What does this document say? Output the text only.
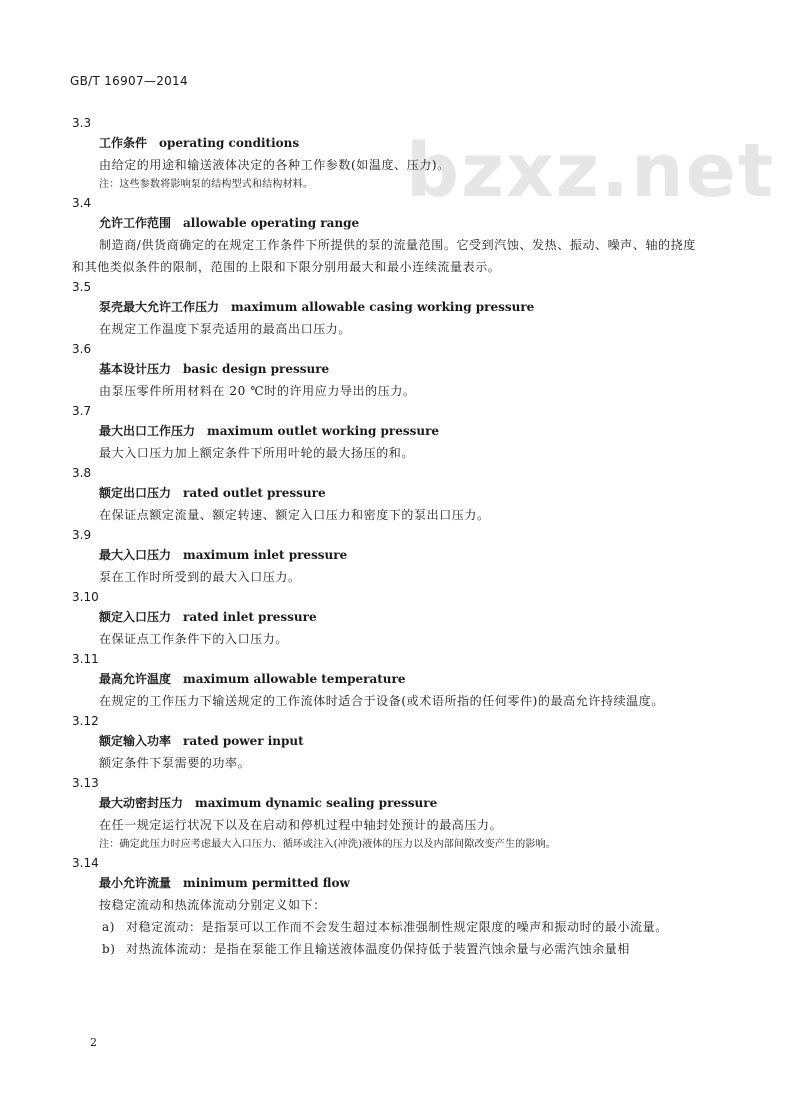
GB/T 16907—2014
bzxz.net
3.3
工作条件 operating conditions
由给定的用途和输送液体决定的各种工作参数(如温度、压力)。
注：这些参数将影响泵的结构型式和结构材料。
3.4
允许工作范围 allowable operating range
制造商/供货商确定的在规定工作条件下所提供的泵的流量范围。它受到汽蚀、发热、振动、噪声、轴的挠度和其他类似条件的限制，范围的上限和下限分别用最大和最小连续流量表示。
3.5
泵壳最大允许工作压力 maximum allowable casing working pressure
在规定工作温度下泵壳适用的最高出口压力。
3.6
基本设计压力 basic design pressure
由泵压零件所用材料在 20 ℃时的许用应力导出的压力。
3.7
最大出口工作压力 maximum outlet working pressure
最大入口压力加上额定条件下所用叶轮的最大扬压的和。
3.8
额定出口压力 rated outlet pressure
在保证点额定流量、额定转速、额定入口压力和密度下的泵出口压力。
3.9
最大入口压力 maximum inlet pressure
泵在工作时所受到的最大入口压力。
3.10
额定入口压力 rated inlet pressure
在保证点工作条件下的入口压力。
3.11
最高允许温度 maximum allowable temperature
在规定的工作压力下输送规定的工作流体时适合于设备(或术语所指的任何零件)的最高允许持续温度。
3.12
额定输入功率 rated power input
额定条件下泵需要的功率。
3.13
最大动密封压力 maximum dynamic sealing pressure
在任一规定运行状况下以及在启动和停机过程中轴封处预计的最高压力。
注：确定此压力时应考虑最大入口压力、循环或注入(冲洗)液体的压力以及内部间隙改变产生的影响。
3.14
最小允许流量 minimum permitted flow
按稳定流动和热流体流动分别定义如下：
a) 对稳定流动：是指泵可以工作而不会发生超过本标准强制性规定限度的噪声和振动时的最小流量。
b) 对热流体流动：是指在泵能工作且输送液体温度仍保持低于装置汽蚀余量与必需汽蚀余量相
2
